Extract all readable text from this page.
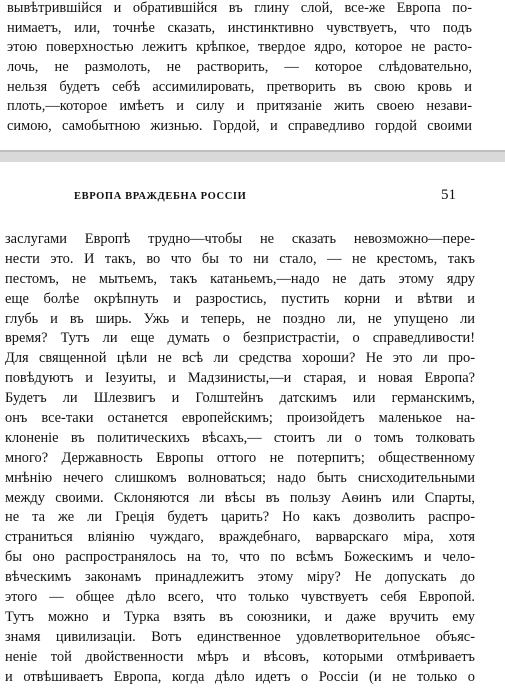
вывѣтрившійся и обратившійся въ глину слой, все-же Европа по-
нимаетъ, или, точнѣе сказать, инстинктивно чувствуетъ, что подъ
этою поверхностью лежитъ крѣпкое, твердое ядро, которое не расто-
лочь, не размолоть, не растворить, — которое слѣдовательно,
нельзя будетъ себѣ ассимилировать, претворить въ свою кровь и
плоть,—которое имѣетъ и силу и притязаніе жить своею незави-
симою, самобытною жизнью. Гордой, и справедливо гордой своими
ЕВРОПА ВРАЖДЕБНА РОССІИ	51
заслугами Европѣ трудно—чтобы не сказать невозможно—пере-
нести это. И такъ, во что бы то ни стало, — не крестомъ, такъ
пестомъ, не мытьемъ, такъ катаньемъ,—надо не дать этому ядру
еще болѣе окрѣпнуть и разростись, пустить корни и вѣтви и
глубь и въ ширь. Ужь и теперь, не поздно ли, не упущено ли
время? Тутъ ли еще думать о безпристрастіи, о справедливости!
Для священной цѣли не всѣ ли средства хороши? Не это ли про-
повѣдуютъ и Іезуиты, и Мадзинисты,—и старая, и новая Европа?
Будетъ ли Шлезвигъ и Голштейнъ датскимъ или германскимъ,
онъ все-таки останется европейскимъ; произойдетъ маленькое на-
клоненіе въ политическихъ вѣсахъ,— стоитъ ли о томъ толковать
много? Державность Европы оттого не потерпитъ; общественному
мнѣнію нечего слишкомъ волноваться; надо быть снисходительными
между своими. Склоняются ли вѣсы въ пользу Аѳинъ или Спарты,
не та же ли Греція будетъ царить? Но какъ дозволить распро-
страниться вліянію чуждаго, враждебнаго, варварскаго міра, хотя
бы оно распространялось на то, что по всѣмъ Божескимъ и чело-
вѣческимъ законамъ принадлежитъ этому міру? Не допускать до
этого — общее дѣло всего, что только чувствуетъ себя Европой.
Тутъ можно и Турка взять въ союзники, и даже вручить ему
знамя цивилизаціи. Вотъ единственное удовлетворительное объяс-
неніе той двойственности мѣръ и вѣсовъ, которыми отмѣриваетъ
и отвѣшиваетъ Европа, когда дѣло идетъ о Россіи (и не только о
